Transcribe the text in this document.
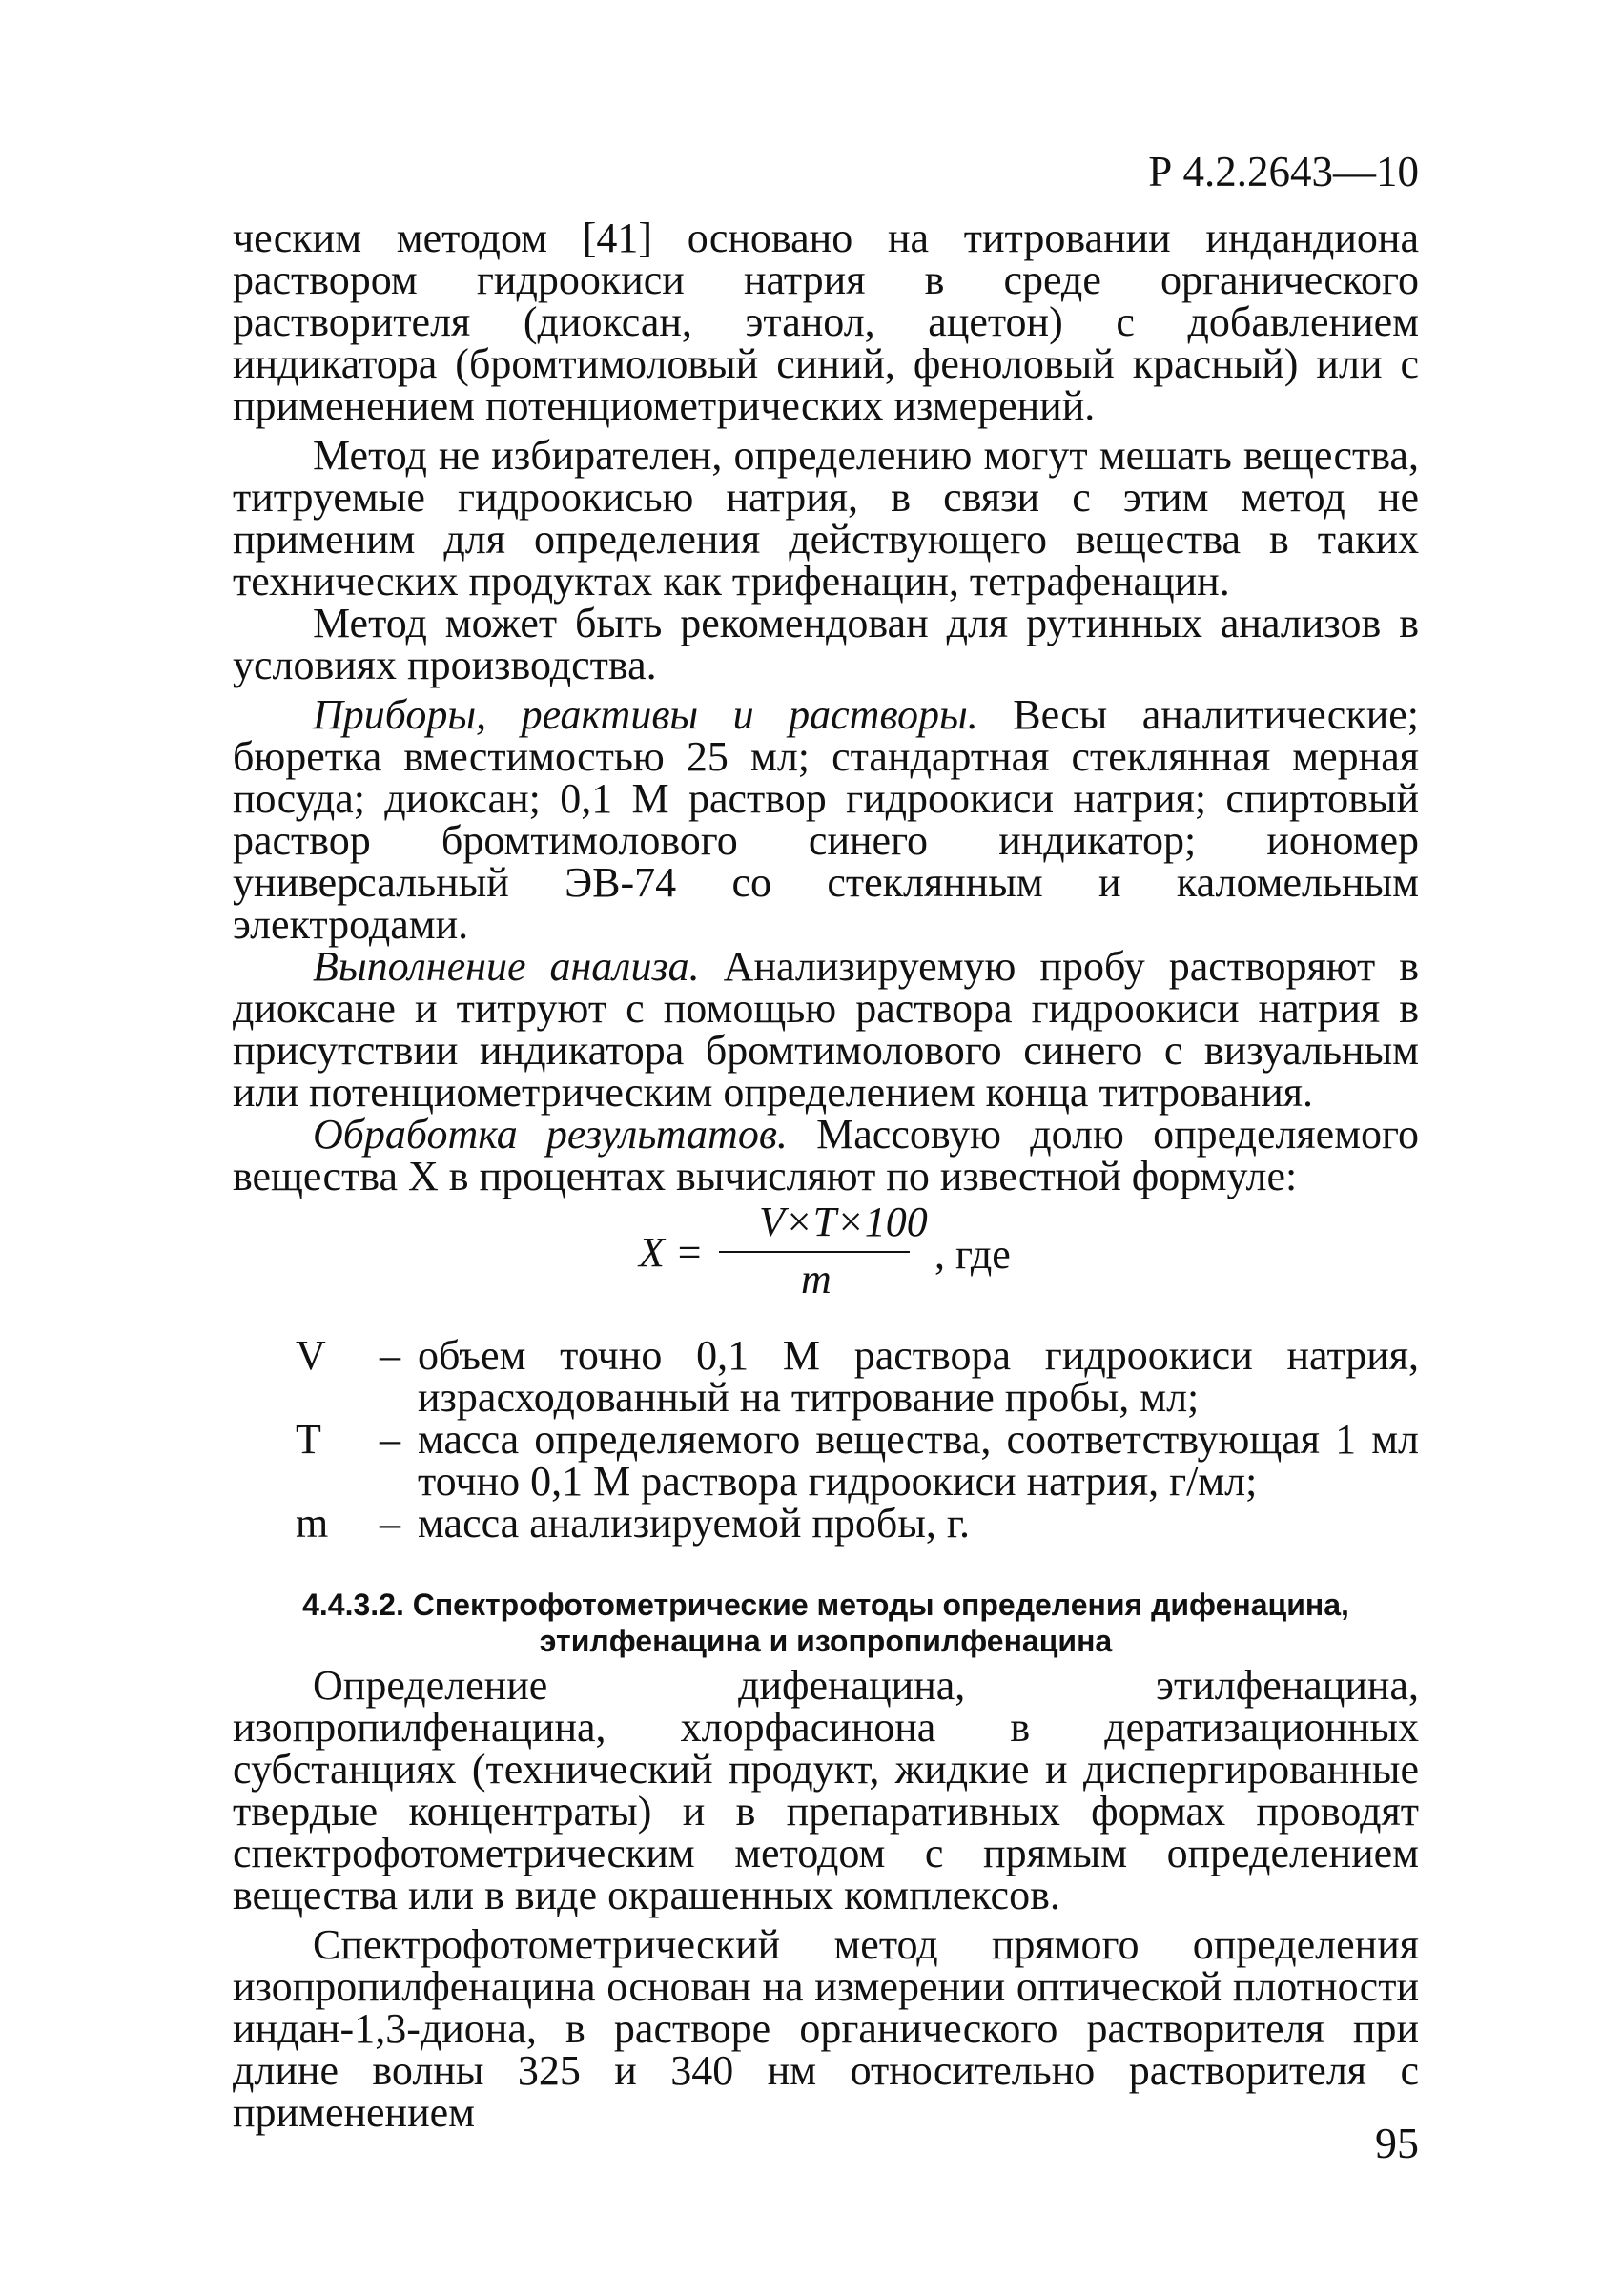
Р 4.2.2643—10

ческим методом [41] основано на титровании индандиона раствором гидроокиси натрия в среде органического растворителя (диоксан, этанол, ацетон) с добавлением индикатора (бромтимоловый синий, феноловый красный) или с применением потенциометрических измерений.

Метод не избирателен, определению могут мешать вещества, титруемые гидроокисью натрия, в связи с этим метод не применим для определения действующего вещества в таких технических продуктах как трифенацин, тетрафенацин.

Метод может быть рекомендован для рутинных анализов в условиях производства.

Приборы, реактивы и растворы. Весы аналитические; бюретка вместимостью 25 мл; стандартная стеклянная мерная посуда; диоксан; 0,1 М раствор гидроокиси натрия; спиртовый раствор бромтимолового синего индикатор; иономер универсальный ЭВ-74 со стеклянным и каломельным электродами.

Выполнение анализа. Анализируемую пробу растворяют в диоксане и титруют с помощью раствора гидроокиси натрия в присутствии индикатора бромтимолового синего с визуальным или потенциометрическим определением конца титрования.

Обработка результатов. Массовую долю определяемого вещества Х в процентах вычисляют по известной формуле:

X =
V×T×100
m
, где
V	– объем точно 0,1 М раствора гидроокиси натрия, израсходованный на титрование пробы, мл;
T	– масса определяемого вещества, соответствующая 1 мл точно 0,1 М раствора гидроокиси натрия, г/мл;
m	– масса анализируемой пробы, г.
4.4.3.2. Спектрофотометрические методы определения дифенацина,
этилфенацина и изопропилфенацина

Определение дифенацина, этилфенацина, изопропилфенацина, хлорфасинона в дератизационных субстанциях (технический продукт, жидкие и диспергированные твердые концентраты) и в препаративных формах проводят спектрофотометрическим методом с прямым определением вещества или в виде окрашенных комплексов.

Спектрофотометрический метод прямого определения изопропилфенацина основан на измерении оптической плотности индан-1,3-диона, в растворе органического растворителя при длине волны 325 и 340 нм относительно растворителя с применением

95
